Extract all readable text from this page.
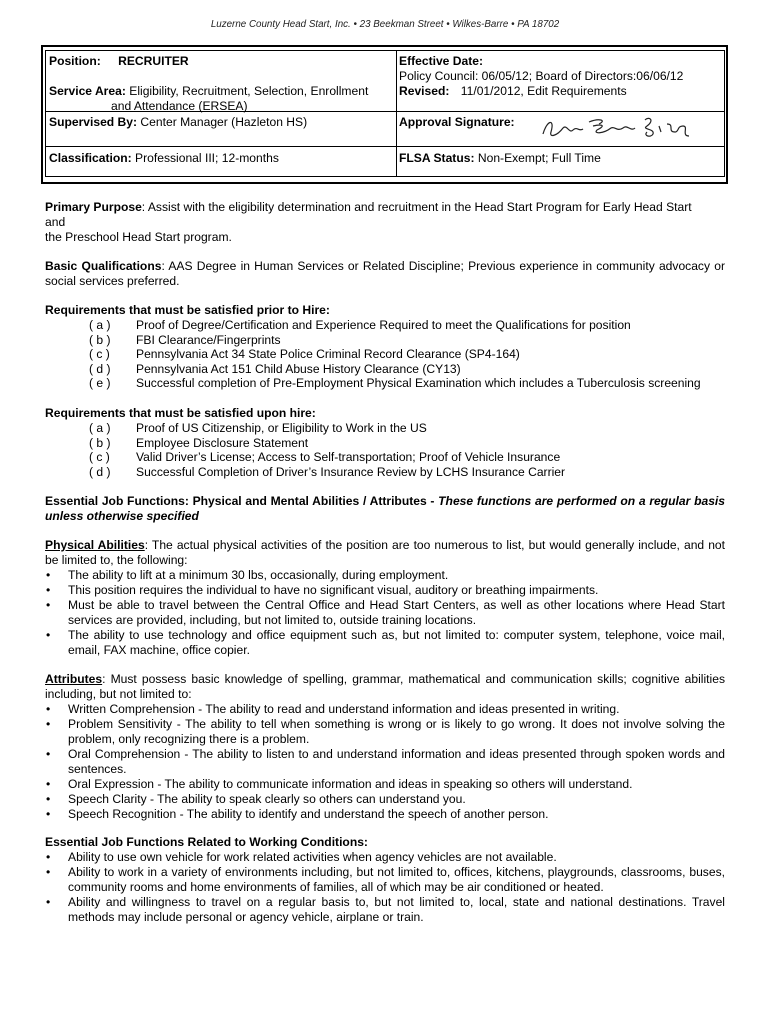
Luzerne County Head Start, Inc. • 23 Beekman Street • Wilkes-Barre • PA 18702
Position: RECRUITER
Service Area: Eligibility, Recruitment, Selection, Enrollment
and Attendance (ERSEA)
Supervised By: Center Manager (Hazleton HS)
Classification: Professional III; 12-months
Effective Date:
Policy Council: 06/05/12; Board of Directors:06/06/12
Revised: 11/01/2012, Edit Requirements
Approval Signature:
FLSA Status: Non-Exempt; Full Time

Primary Purpose: Assist with the eligibility determination and recruitment in the Head Start Program for Early Head Start

and

the Preschool Head Start program.

Basic Qualifications: AAS Degree in Human Services or Related Discipline; Previous experience in community advocacy or social services preferred.

Requirements that must be satisfied prior to Hire:
( a ) Proof of Degree/Certification and Experience Required to meet the Qualifications for position
( b ) FBI Clearance/Fingerprints
( c ) Pennsylvania Act 34 State Police Criminal Record Clearance (SP4-164)
( d ) Pennsylvania Act 151 Child Abuse History Clearance (CY13)
( e ) Successful completion of Pre-Employment Physical Examination which includes a Tuberculosis screening
Requirements that must be satisfied upon hire:
( a ) Proof of US Citizenship, or Eligibility to Work in the US
( b ) Employee Disclosure Statement
( c ) Valid Driver’s License; Access to Self-transportation; Proof of Vehicle Insurance
( d ) Successful Completion of Driver’s Insurance Review by LCHS Insurance Carrier

Essential Job Functions: Physical and Mental Abilities / Attributes - These functions are performed on a regular basis unless otherwise specified

Physical Abilities: The actual physical activities of the position are too numerous to list, but would generally include, and not be limited to, the following:

• The ability to lift at a minimum 30 lbs, occasionally, during employment.
• This position requires the individual to have no significant visual, auditory or breathing impairments.
• Must be able to travel between the Central Office and Head Start Centers, as well as other locations where Head Start services are provided, including, but not limited to, outside training locations.
• The ability to use technology and office equipment such as, but not limited to: computer system, telephone, voice mail, email, FAX machine, office copier.

Attributes: Must possess basic knowledge of spelling, grammar, mathematical and communication skills; cognitive abilities including, but not limited to:

• Written Comprehension - The ability to read and understand information and ideas presented in writing.
• Problem Sensitivity - The ability to tell when something is wrong or is likely to go wrong. It does not involve solving the problem, only recognizing there is a problem.
• Oral Comprehension - The ability to listen to and understand information and ideas presented through spoken words and sentences.
• Oral Expression - The ability to communicate information and ideas in speaking so others will understand.
• Speech Clarity - The ability to speak clearly so others can understand you.
• Speech Recognition - The ability to identify and understand the speech of another person.

Essential Job Functions Related to Working Conditions:

• Ability to use own vehicle for work related activities when agency vehicles are not available.
• Ability to work in a variety of environments including, but not limited to, offices, kitchens, playgrounds, classrooms, buses, community rooms and home environments of families, all of which may be air conditioned or heated.
• Ability and willingness to travel on a regular basis to, but not limited to, local, state and national destinations. Travel methods may include personal or agency vehicle, airplane or train.
